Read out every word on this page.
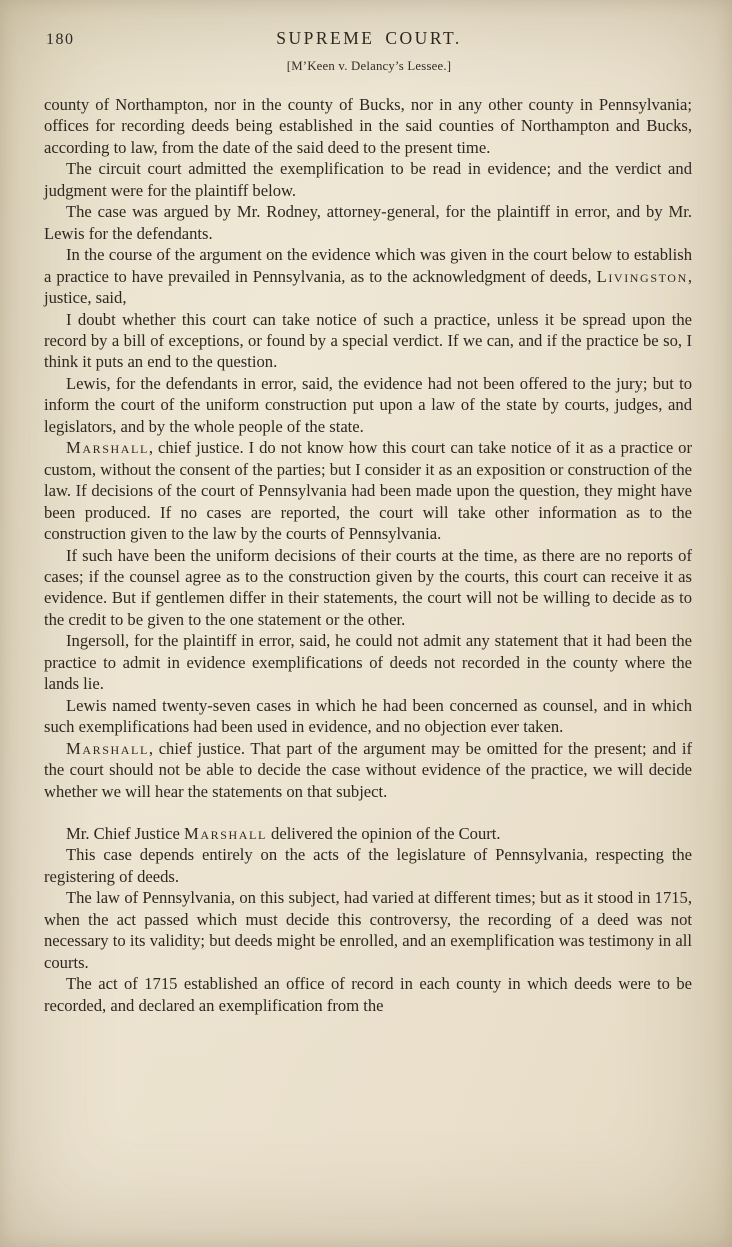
180	SUPREME COURT.
[M’Keen v. Delancy’s Lessee.]

county of Northampton, nor in the county of Bucks, nor in any other county in Pennsylvania; offices for recording deeds being established in the said counties of Northampton and Bucks, according to law, from the date of the said deed to the present time.

The circuit court admitted the exemplification to be read in evidence; and the verdict and judgment were for the plaintiff below.

The case was argued by Mr. Rodney, attorney-general, for the plaintiff in error, and by Mr. Lewis for the defendants.

In the course of the argument on the evidence which was given in the court below to establish a practice to have prevailed in Pennsylvania, as to the acknowledgment of deeds, Livingston, justice, said,

I doubt whether this court can take notice of such a practice, unless it be spread upon the record by a bill of exceptions, or found by a special verdict. If we can, and if the practice be so, I think it puts an end to the question.

Lewis, for the defendants in error, said, the evidence had not been offered to the jury; but to inform the court of the uniform construction put upon a law of the state by courts, judges, and legislators, and by the whole people of the state.

Marshall, chief justice. I do not know how this court can take notice of it as a practice or custom, without the consent of the parties; but I consider it as an exposition or construction of the law. If decisions of the court of Pennsylvania had been made upon the question, they might have been produced. If no cases are reported, the court will take other information as to the construction given to the law by the courts of Pennsylvania.

If such have been the uniform decisions of their courts at the time, as there are no reports of cases; if the counsel agree as to the construction given by the courts, this court can receive it as evidence. But if gentlemen differ in their statements, the court will not be willing to decide as to the credit to be given to the one statement or the other.

Ingersoll, for the plaintiff in error, said, he could not admit any statement that it had been the practice to admit in evidence exemplifications of deeds not recorded in the county where the lands lie.

Lewis named twenty-seven cases in which he had been concerned as counsel, and in which such exemplifications had been used in evidence, and no objection ever taken.

Marshall, chief justice. That part of the argument may be omitted for the present; and if the court should not be able to decide the case without evidence of the practice, we will decide whether we will hear the statements on that subject.

Mr. Chief Justice Marshall delivered the opinion of the Court.

This case depends entirely on the acts of the legislature of Pennsylvania, respecting the registering of deeds.

The law of Pennsylvania, on this subject, had varied at different times; but as it stood in 1715, when the act passed which must decide this controversy, the recording of a deed was not necessary to its validity; but deeds might be enrolled, and an exemplification was testimony in all courts.

The act of 1715 established an office of record in each county in which deeds were to be recorded, and declared an exemplification from the
